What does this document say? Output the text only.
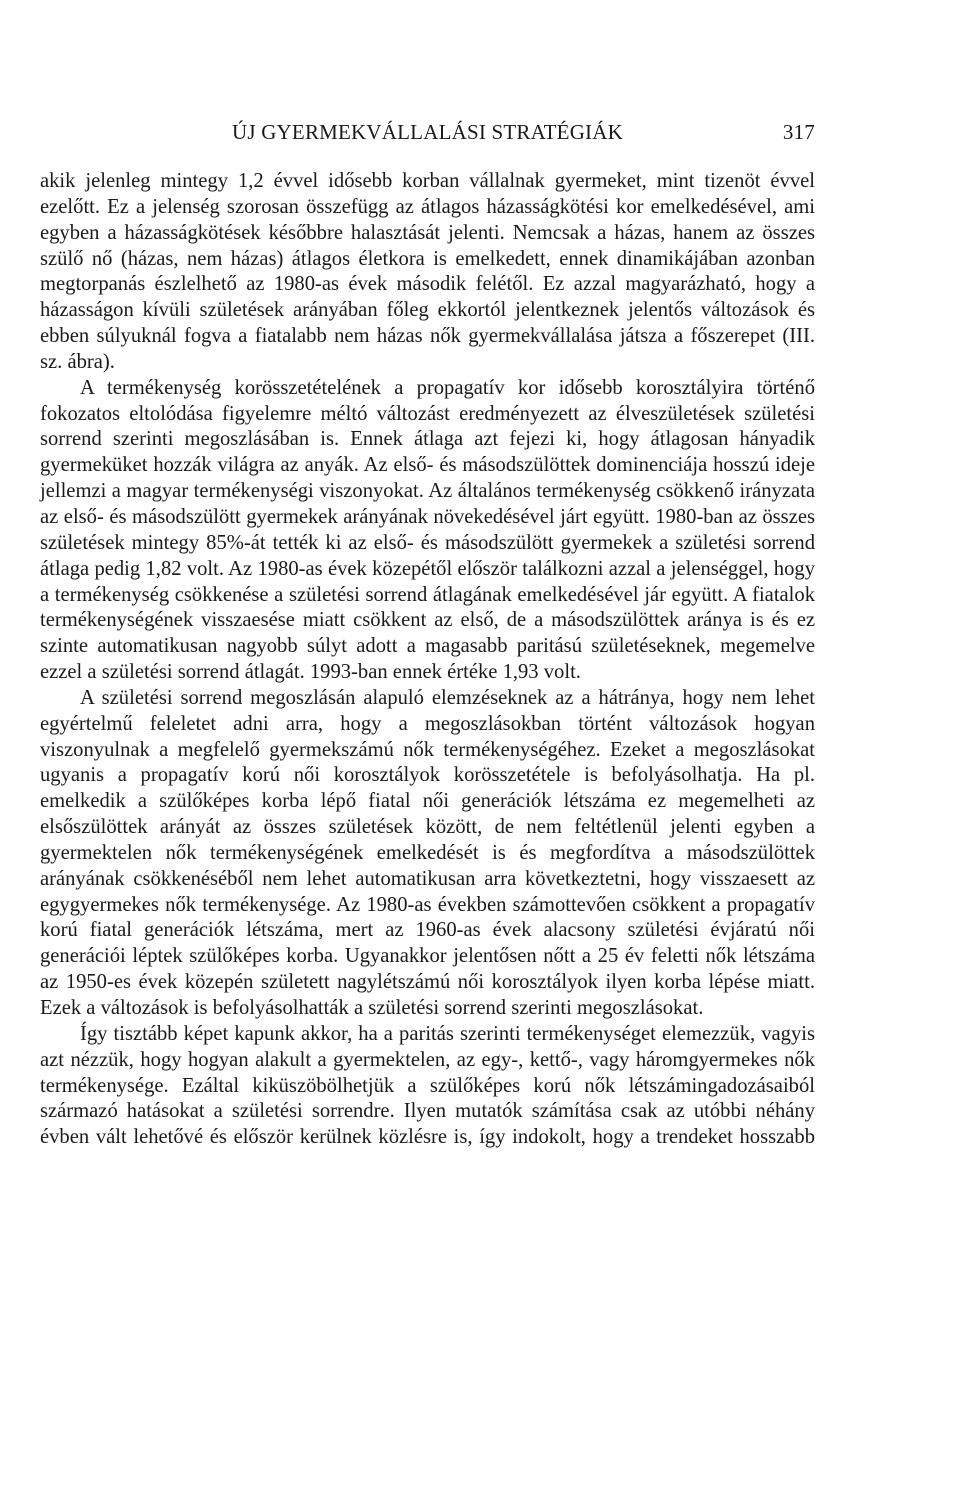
ÚJ GYERMEKVÁLLALÁSI STRATÉGIÁK	317

akik jelenleg mintegy 1,2 évvel idősebb korban vállalnak gyermeket, mint tizenöt évvel ezelőtt. Ez a jelenség szorosan összefügg az átlagos házasságkötési kor emelkedésével, ami egyben a házasságkötések későbbre halasztását jelenti. Nemcsak a házas, hanem az összes szülő nő (házas, nem házas) átlagos életkora is emelkedett, ennek dinamikájában azonban megtorpanás észlelhető az 1980-as évek második felétől. Ez azzal magyarázható, hogy a házasságon kívüli születések arányában főleg ekkortól jelentkeznek jelentős változások és ebben súlyuknál fogva a fiatalabb nem házas nők gyermekvállalása játsza a főszerepet (III. sz. ábra).

A termékenység korösszetételének a propagatív kor idősebb korosztályira történő fokozatos eltolódása figyelemre méltó változást eredményezett az élveszületések születési sorrend szerinti megoszlásában is. Ennek átlaga azt fejezi ki, hogy átlagosan hányadik gyermeküket hozzák világra az anyák. Az első- és másodszülöttek dominenciája hosszú ideje jellemzi a magyar termékenységi viszonyokat. Az általános termékenység csökkenő irányzata az első- és másodszülött gyermekek arányának növekedésével járt együtt. 1980-ban az összes születések mintegy 85%-át tették ki az első- és másodszülött gyermekek a születési sorrend átlaga pedig 1,82 volt. Az 1980-as évek közepétől először találkozni azzal a jelenséggel, hogy a termékenység csökkenése a születési sorrend átlagának emelkedésével jár együtt. A fiatalok termékenységének visszaesése miatt csökkent az első, de a másodszülöttek aránya is és ez szinte automatikusan nagyobb súlyt adott a magasabb paritású születéseknek, megemelve ezzel a születési sorrend átlagát. 1993-ban ennek értéke 1,93 volt.

A születési sorrend megoszlásán alapuló elemzéseknek az a hátránya, hogy nem lehet egyértelmű feleletet adni arra, hogy a megoszlásokban történt változások hogyan viszonyulnak a megfelelő gyermekszámú nők termékenységéhez. Ezeket a megoszlásokat ugyanis a propagatív korú női korosztályok korösszetétele is befolyásolhatja. Ha pl. emelkedik a szülőképes korba lépő fiatal női generációk létszáma ez megemelheti az elsőszülöttek arányát az összes születések között, de nem feltétlenül jelenti egyben a gyermektelen nők termékenységének emelkedését is és megfordítva a másodszülöttek arányának csökkenéséből nem lehet automatikusan arra következtetni, hogy visszaesett az egygyermekes nők termékenysége. Az 1980-as években számottevően csökkent a propagatív korú fiatal generációk létszáma, mert az 1960-as évek alacsony születési évjáratú női generációi léptek szülőképes korba. Ugyanakkor jelentősen nőtt a 25 év feletti nők létszáma az 1950-es évek közepén született nagylétszámú női korosztályok ilyen korba lépése miatt. Ezek a változások is befolyásolhatták a születési sorrend szerinti megoszlásokat.

Így tisztább képet kapunk akkor, ha a paritás szerinti termékenységet elemezzük, vagyis azt nézzük, hogy hogyan alakult a gyermektelen, az egy-, kettő-, vagy háromgyermekes nők termékenysége. Ezáltal kiküszöbölhetjük a szülőképes korú nők létszámingadozásaiból származó hatásokat a születési sorrendre. Ilyen mutatók számítása csak az utóbbi néhány évben vált lehetővé és először kerülnek közlésre is, így indokolt, hogy a trendeket hosszabb
